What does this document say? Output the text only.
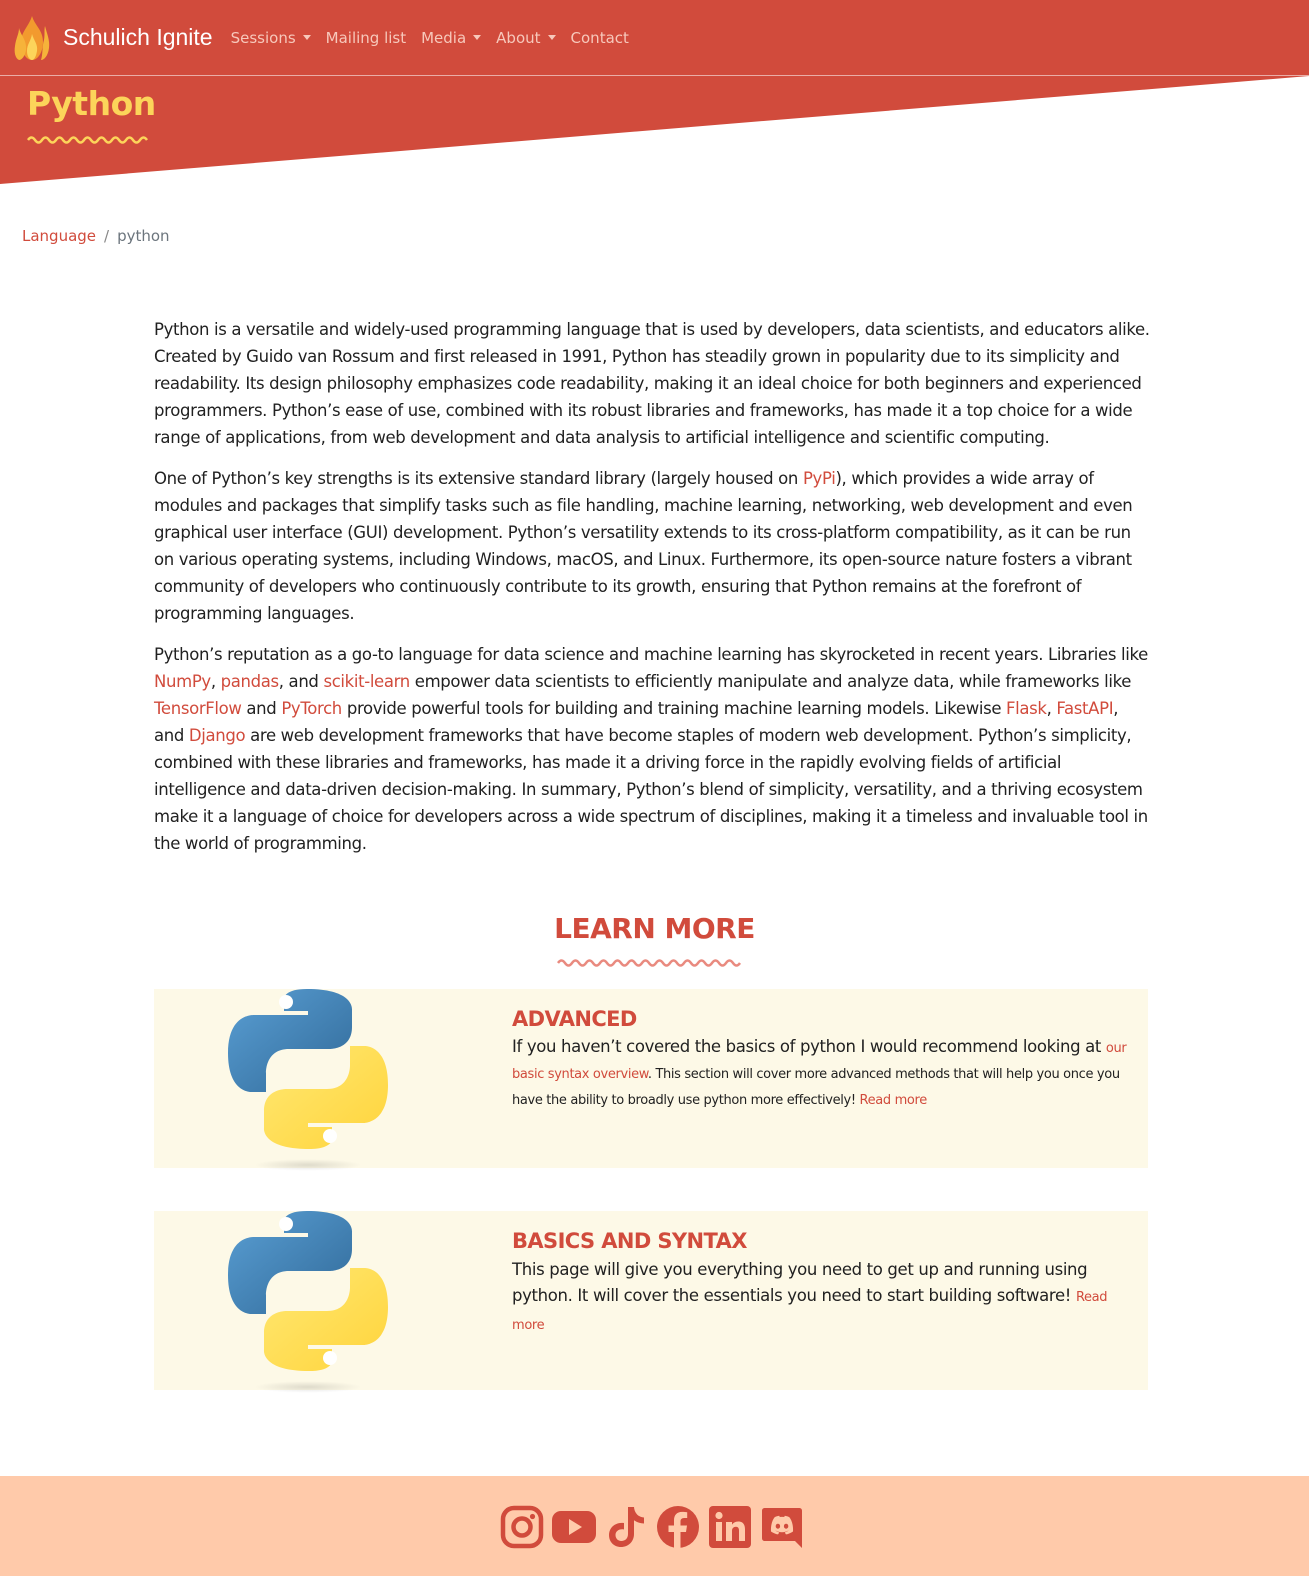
Schulich Ignite Sessions Mailing list Media About Contact
Python
Language / python

Python is a versatile and widely-used programming language that is used by developers, data scientists, and educators alike. Created by Guido van Rossum and first released in 1991, Python has steadily grown in popularity due to its simplicity and readability. Its design philosophy emphasizes code readability, making it an ideal choice for both beginners and experienced programmers. Python’s ease of use, combined with its robust libraries and frameworks, has made it a top choice for a wide range of applications, from web development and data analysis to artificial intelligence and scientific computing.

One of Python’s key strengths is its extensive standard library (largely housed on PyPi), which provides a wide array of modules and packages that simplify tasks such as file handling, machine learning, networking, web development and even graphical user interface (GUI) development. Python’s versatility extends to its cross-platform compatibility, as it can be run on various operating systems, including Windows, macOS, and Linux. Furthermore, its open-source nature fosters a vibrant community of developers who continuously contribute to its growth, ensuring that Python remains at the forefront of programming languages.

Python’s reputation as a go-to language for data science and machine learning has skyrocketed in recent years. Libraries like NumPy, pandas, and scikit-learn empower data scientists to efficiently manipulate and analyze data, while frameworks like TensorFlow and PyTorch provide powerful tools for building and training machine learning models. Likewise Flask, FastAPI, and Django are web development frameworks that have become staples of modern web development. Python’s simplicity, combined with these libraries and frameworks, has made it a driving force in the rapidly evolving fields of artificial intelligence and data-driven decision-making. In summary, Python’s blend of simplicity, versatility, and a thriving ecosystem make it a language of choice for developers across a wide spectrum of disciplines, making it a timeless and invaluable tool in the world of programming.

LEARN MORE
ADVANCED
If you haven’t covered the basics of python I would recommend looking at our basic syntax overview. This section will cover more advanced methods that will help you once you have the ability to broadly use python more effectively! Read more
BASICS AND SYNTAX
This page will give you everything you need to get up and running using python. It will cover the essentials you need to start building software! Read more
